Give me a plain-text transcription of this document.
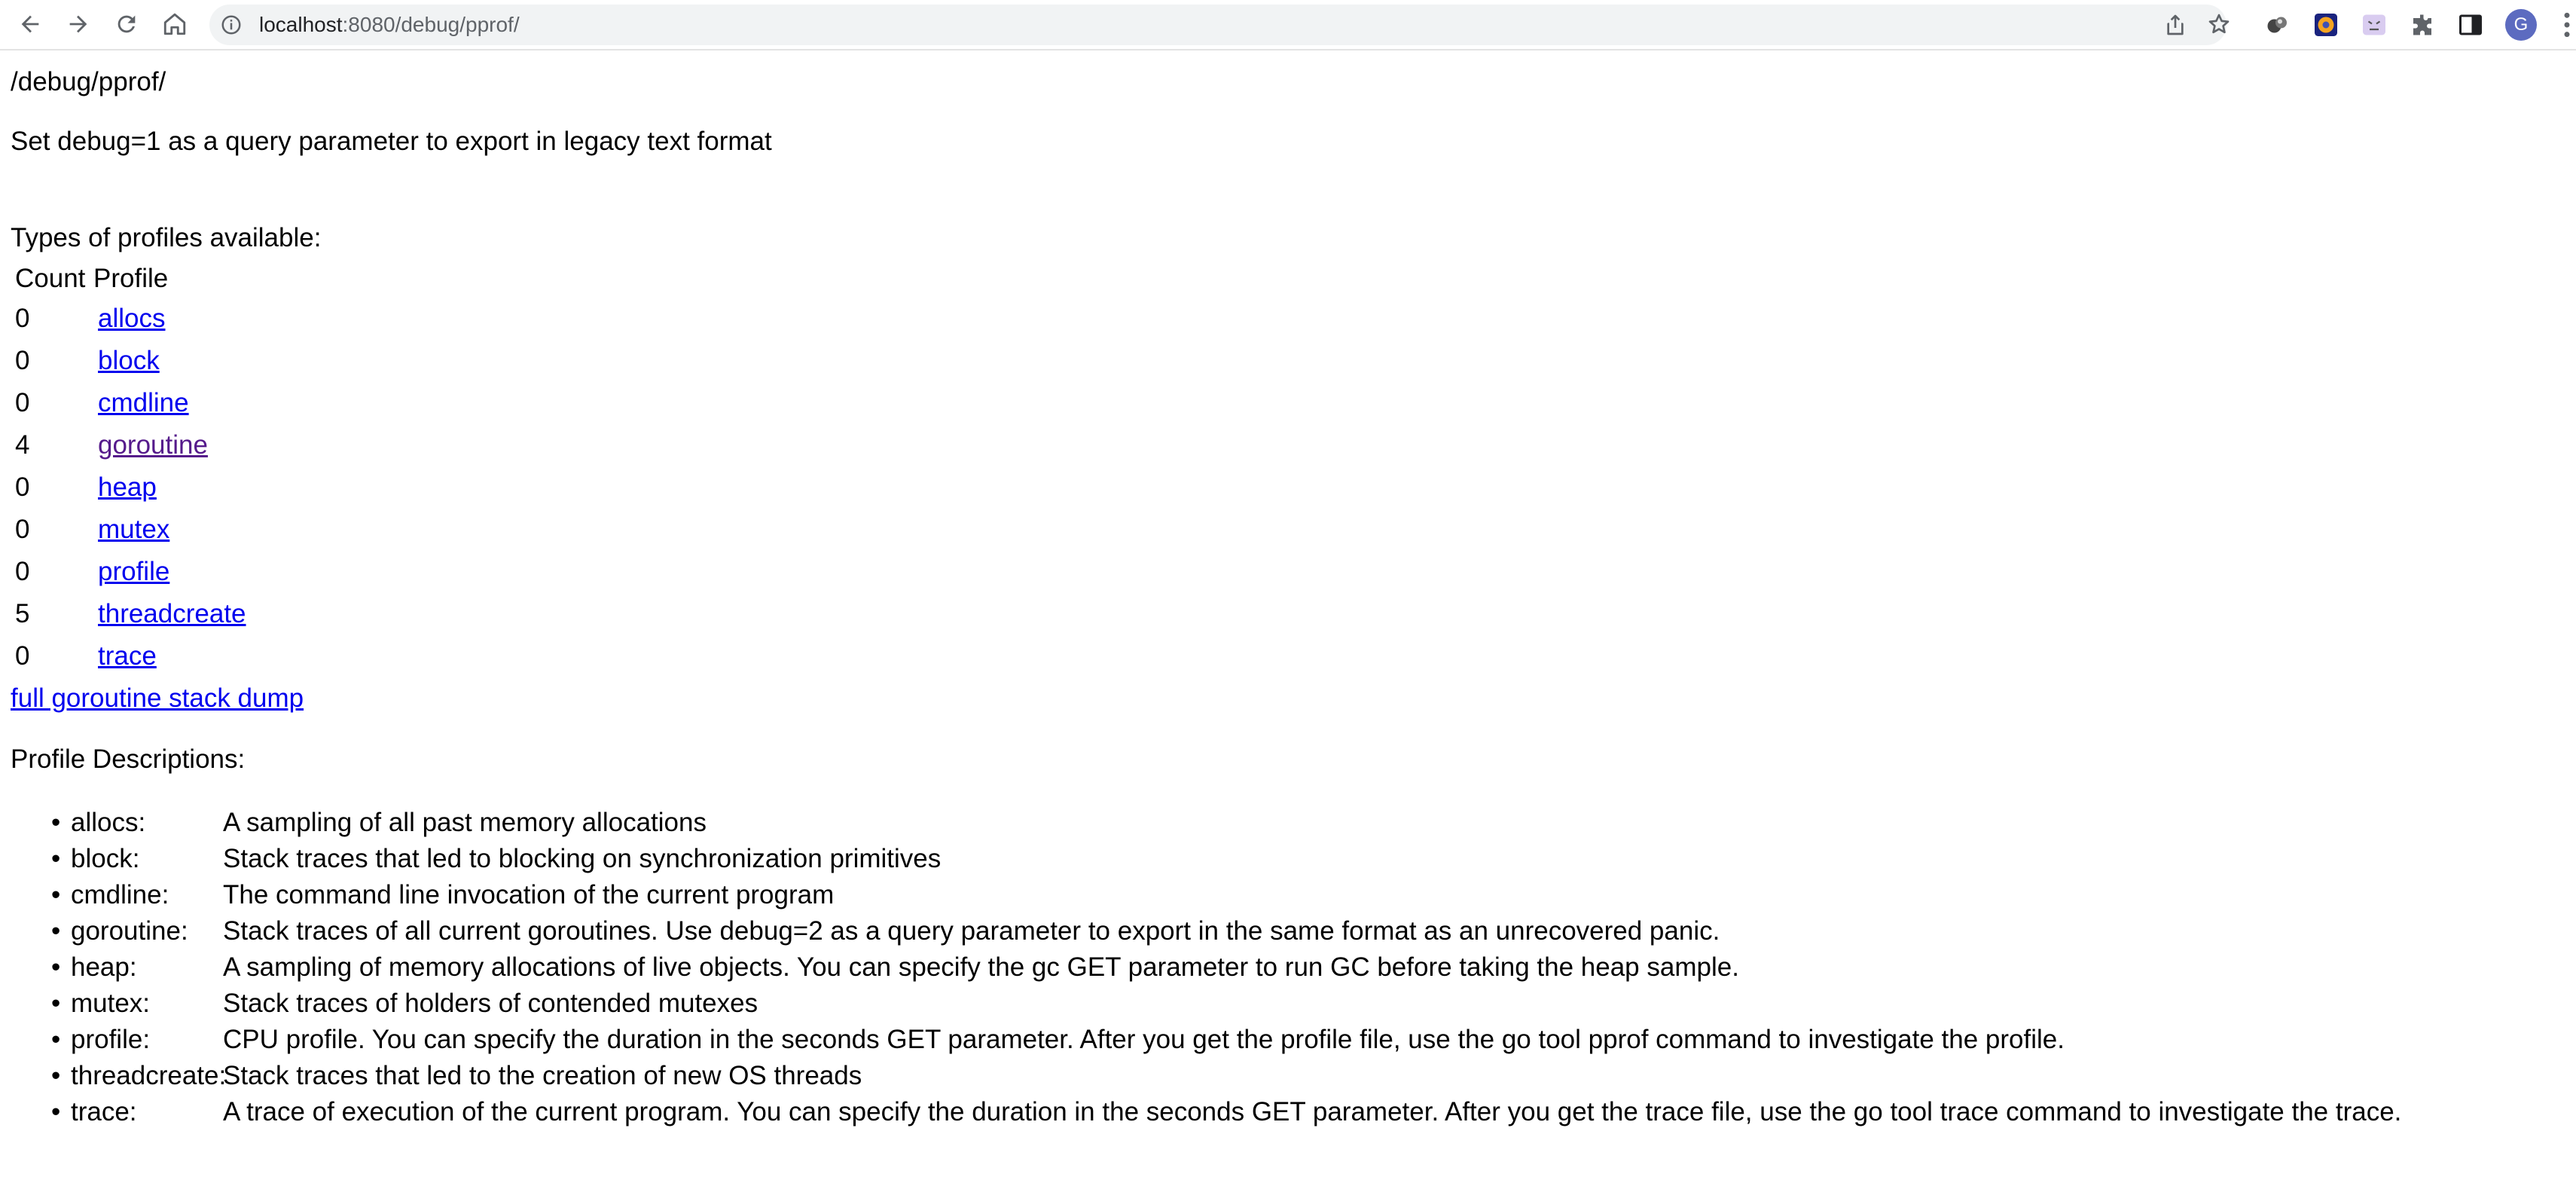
localhost:8080/debug/pprof/	G
/debug/pprof/
Set debug=1 as a query parameter to export in legacy text format
Types of profiles available:
Count	Profile
0	allocs
0	block
0	cmdline
4	goroutine
0	heap
0	mutex
0	profile
5	threadcreate
0	trace
full goroutine stack dump
Profile Descriptions:
• allocs:	A sampling of all past memory allocations
• block:	Stack traces that led to blocking on synchronization primitives
• cmdline: The command line invocation of the current program
• goroutine: Stack traces of all current goroutines. Use debug=2 as a query parameter to export in the same format as an unrecovered panic.
• heap:	A sampling of memory allocations of live objects. You can specify the gc GET parameter to run GC before taking the heap sample.
• mutex:	Stack traces of holders of contended mutexes
• profile:	CPU profile. You can specify the duration in the seconds GET parameter. After you get the profile file, use the go tool pprof command to investigate the profile.
• threadcreate:Stack traces that led to the creation of new OS threads
• trace:	A trace of execution of the current program. You can specify the duration in the seconds GET parameter. After you get the trace file, use the go tool trace command to investigate the trace.
